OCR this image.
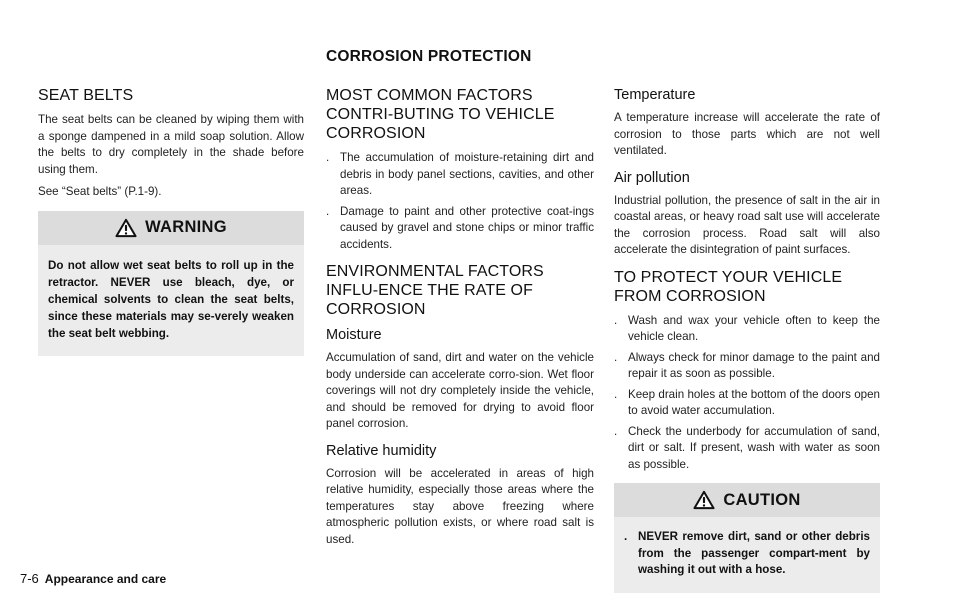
CORROSION PROTECTION
SEAT BELTS

The seat belts can be cleaned by wiping them with a sponge dampened in a mild soap solution. Allow the belts to dry completely in the shade before using them.

See “Seat belts” (P.1-9).

WARNING

Do not allow wet seat belts to roll up in the retractor. NEVER use bleach, dye, or chemical solvents to clean the seat belts, since these materials may se-verely weaken the seat belt webbing.

MOST COMMON FACTORS CONTRI-BUTING TO VEHICLE CORROSION
. The accumulation of moisture-retaining dirt and debris in body panel sections, cavities, and other areas.
. Damage to paint and other protective coat-ings caused by gravel and stone chips or minor traffic accidents.
ENVIRONMENTAL FACTORS INFLU-ENCE THE RATE OF CORROSION
Moisture

Accumulation of sand, dirt and water on the vehicle body underside can accelerate corro-sion. Wet floor coverings will not dry completely inside the vehicle, and should be removed for drying to avoid floor panel corrosion.

Relative humidity

Corrosion will be accelerated in areas of high relative humidity, especially those areas where the temperatures stay above freezing where atmospheric pollution exists, or where road salt is used.

Temperature

A temperature increase will accelerate the rate of corrosion to those parts which are not well ventilated.

Air pollution

Industrial pollution, the presence of salt in the air in coastal areas, or heavy road salt use will accelerate the corrosion process. Road salt will also accelerate the disintegration of paint surfaces.

TO PROTECT YOUR VEHICLE FROM CORROSION
. Wash and wax your vehicle often to keep the vehicle clean.
. Always check for minor damage to the paint and repair it as soon as possible.
. Keep drain holes at the bottom of the doors open to avoid water accumulation.
. Check the underbody for accumulation of sand, dirt or salt. If present, wash with water as soon as possible.
CAUTION
. NEVER remove dirt, sand or other debris from the passenger compart-ment by washing it out with a hose.
7-6 Appearance and care
